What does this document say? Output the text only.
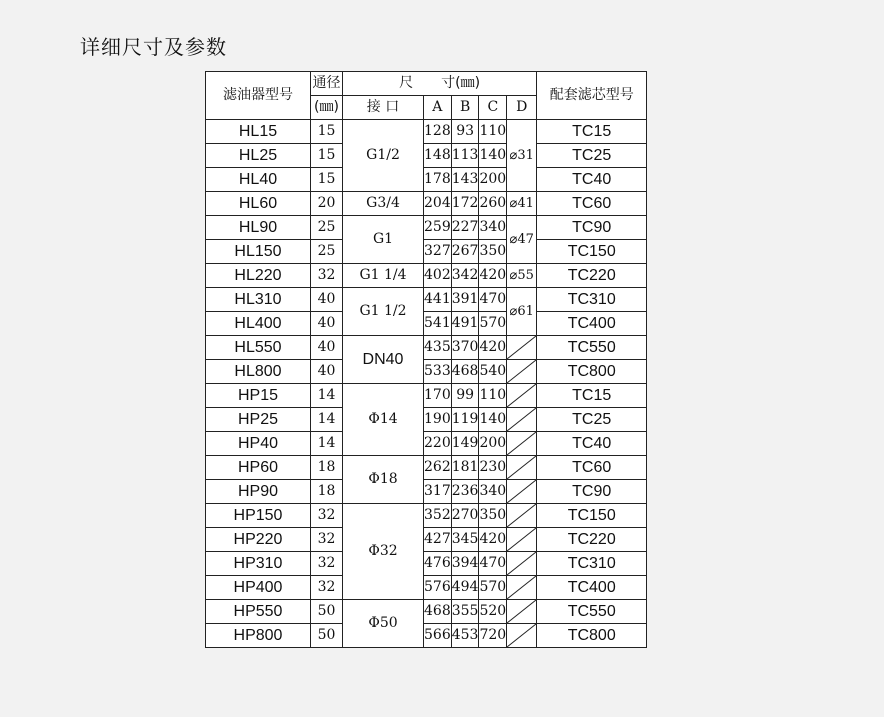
详细尺寸及参数
滤油器型号	通径	尺　　寸(㎜)					配套滤芯型号
	(㎜)	接 口	A	B	C	D	
HL15	15	G1/2	128	93	110	⌀31	TC15
HL25	15		148	113	140		TC25
HL40	15		178	143	200		TC40
HL60	20	G3/4	204	172	260	⌀41	TC60
HL90	25	G1	259	227	340	⌀47	TC90
HL150	25		327	267	350		TC150
HL220	32	G1 1/4	402	342	420	⌀55	TC220
HL310	40	G1 1/2	441	391	470	⌀61	TC310
HL400	40		541	491	570		TC400
HL550	40	DN40	435	370	420		TC550
HL800	40		533	468	540		TC800
HP15	14	Φ14	170	99	110		TC15
HP25	14		190	119	140		TC25
HP40	14		220	149	200		TC40
HP60	18	Φ18	262	181	230		TC60
HP90	18		317	236	340		TC90
HP150	32	Φ32	352	270	350		TC150
HP220	32		427	345	420		TC220
HP310	32		476	394	470		TC310
HP400	32		576	494	570		TC400
HP550	50	Φ50	468	355	520		TC550
HP800	50		566	453	720		TC800
